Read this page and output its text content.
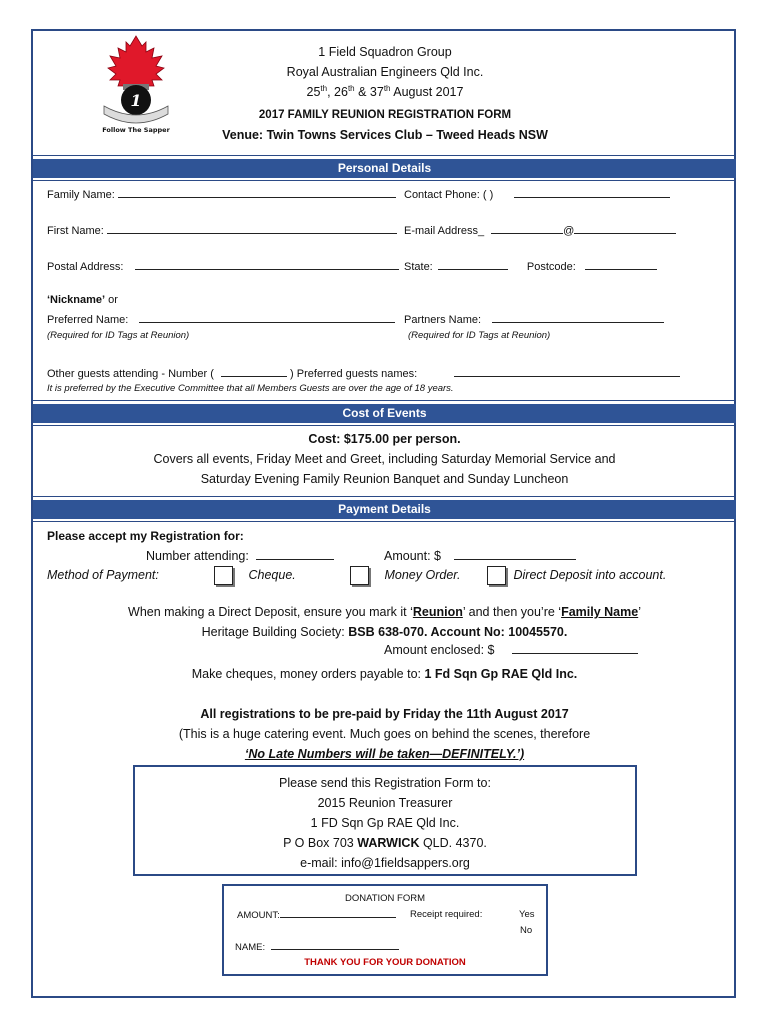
1
Follow The Sapper
1 Field Squadron Group
Royal Australian Engineers Qld Inc.
25th, 26th & 37th August 2017
2017 FAMILY REUNION REGISTRATION FORM
Venue: Twin Towns Services Club – Tweed Heads NSW
Personal Details
Family Name:	Contact Phone: ( )
First Name:	E-mail Address_	@
Postal Address:	State:	Postcode:
‘Nickname’ or
Preferred Name:	Partners Name:
(Required for ID Tags at Reunion)	(Required for ID Tags at Reunion)
Other guests attending - Number (	) Preferred guests names:
It is preferred by the Executive Committee that all Members Guests are over the age of 18 years.
Cost of Events
Cost: $175.00 per person.
Covers all events, Friday Meet and Greet, including Saturday Memorial Service and
Saturday Evening Family Reunion Banquet and Sunday Luncheon
Payment Details
Please accept my Registration for:
Number attending:	Amount: $
Method of Payment:	Cheque.	Money Order.	Direct Deposit into account.
When making a Direct Deposit, ensure you mark it ‘Reunion’ and then you’re ‘Family Name’
Heritage Building Society: BSB 638-070. Account No: 10045570.
Amount enclosed: $
Make cheques, money orders payable to: 1 Fd Sqn Gp RAE Qld Inc.
All registrations to be pre-paid by Friday the 11th August 2017
(This is a huge catering event. Much goes on behind the scenes, therefore
‘No Late Numbers will be taken—DEFINITELY.’)
Please send this Registration Form to:
2015 Reunion Treasurer
1 FD Sqn Gp RAE Qld Inc.
P O Box 703 WARWICK QLD. 4370.
e-mail: info@1fieldsappers.org
DONATION FORM
AMOUNT:	Receipt required:	Yes
No
NAME:
THANK YOU FOR YOUR DONATION
